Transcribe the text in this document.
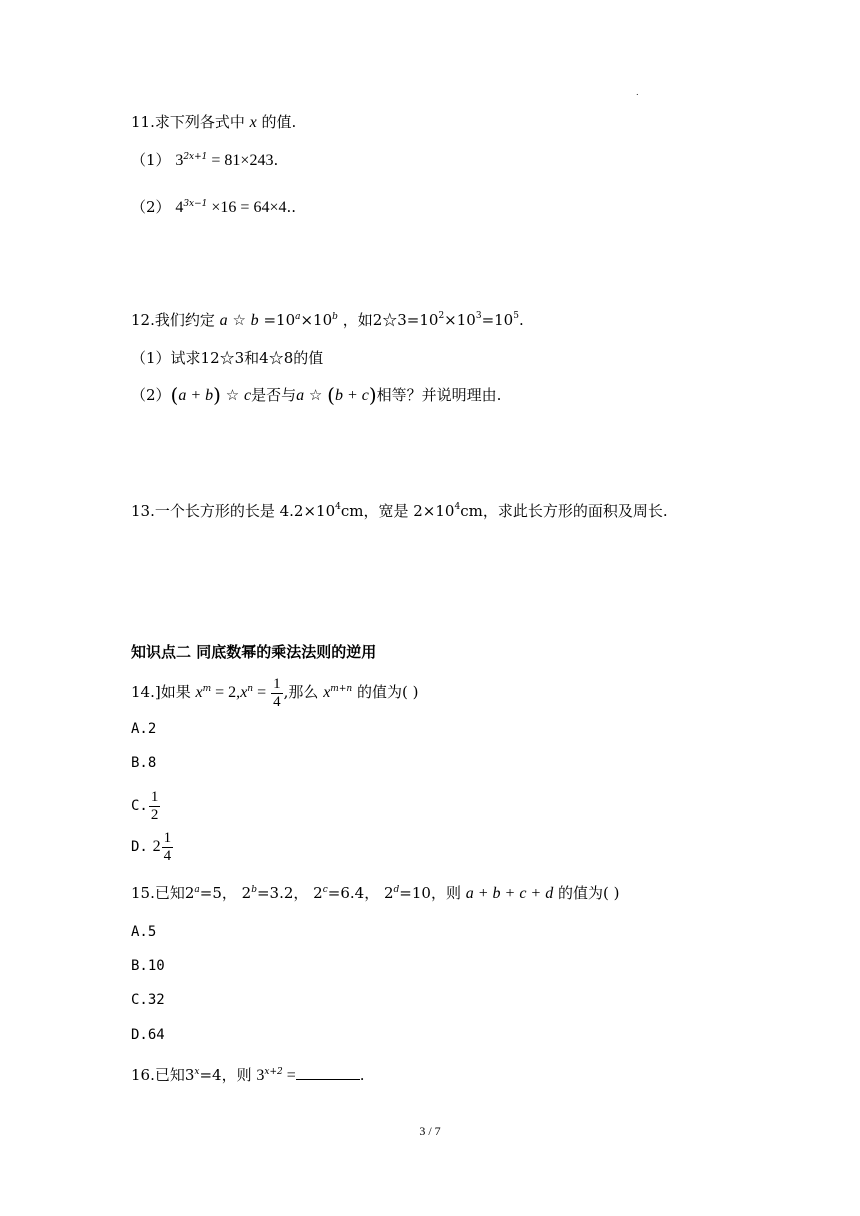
.
11.求下列各式中 x 的值.
（1） $3^{2x+1} = 81\times 243$.
（2） $4^{3x-1} \times 16 = 64\times 4$..
12.我们约定 a ☆ $b =10^a\times 10^b$ ，如$2☆3=10^2\times 10^3=10^5$.
（1）试求12☆3和4☆8的值
（2）(a + b) ☆ c是否与a ☆ (b + c)相等？并说明理由.
13.一个长方形的长是 $4.2\times 10^4cm$，宽是 $2\times 10^4cm$，求此长方形的面积及周长.
知识点二 同底数幂的乘法法则的逆用
14.]如果 $x^m = 2,x^n = \frac{1}{4}$ ,那么 $x^{m+n}$ 的值为( )
A.2
B.8
C. $\frac{1}{2}$
D. $2 \frac{1}{4}$
15.已知$2^a=5$， $2^b=3.2$， $2^c=6.4$， $2^d=10$，则 a + b + c + d 的值为( )
A.5
B.10
C.32
D.64
16.已知$3^x=4$，则 $3^{x+2}$ =	.
3 / 7
